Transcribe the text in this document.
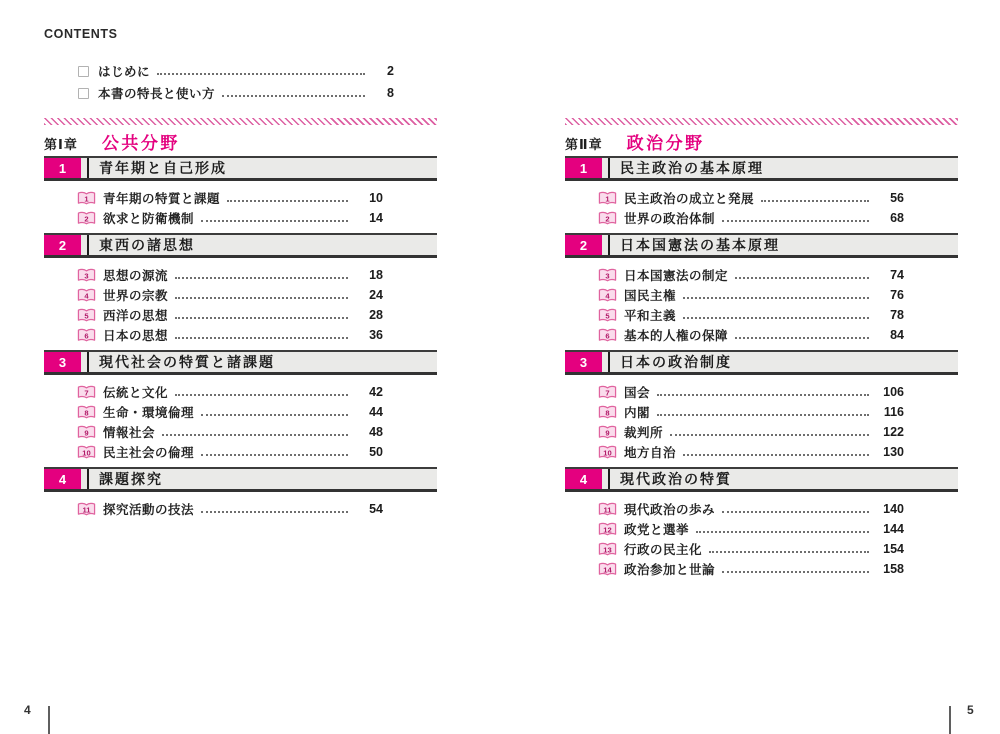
CONTENTS
はじめに	2
本書の特長と使い方	8
第Ⅰ章 公共分野
1	青年期と自己形成
1 青年期の特質と課題	10
2 欲求と防衛機制	14
2	東西の諸思想
3 思想の源流	18
4 世界の宗教	24
5 西洋の思想	28
6 日本の思想	36
3	現代社会の特質と諸課題
7 伝統と文化	42
8 生命・環境倫理	44
9 情報社会	48
10 民主社会の倫理	50
4	課題探究
11 探究活動の技法	54
第Ⅱ章 政治分野
1	民主政治の基本原理
1 民主政治の成立と発展	56
2 世界の政治体制	68
2	日本国憲法の基本原理
3 日本国憲法の制定	74
4 国民主権	76
5 平和主義	78
6 基本的人権の保障	84
3	日本の政治制度
7 国会	106
8 内閣	116
9 裁判所	122
10 地方自治	130
4	現代政治の特質
11 現代政治の歩み	140
12 政党と選挙	144
13 行政の民主化	154
14 政治参加と世論	158
4	5
